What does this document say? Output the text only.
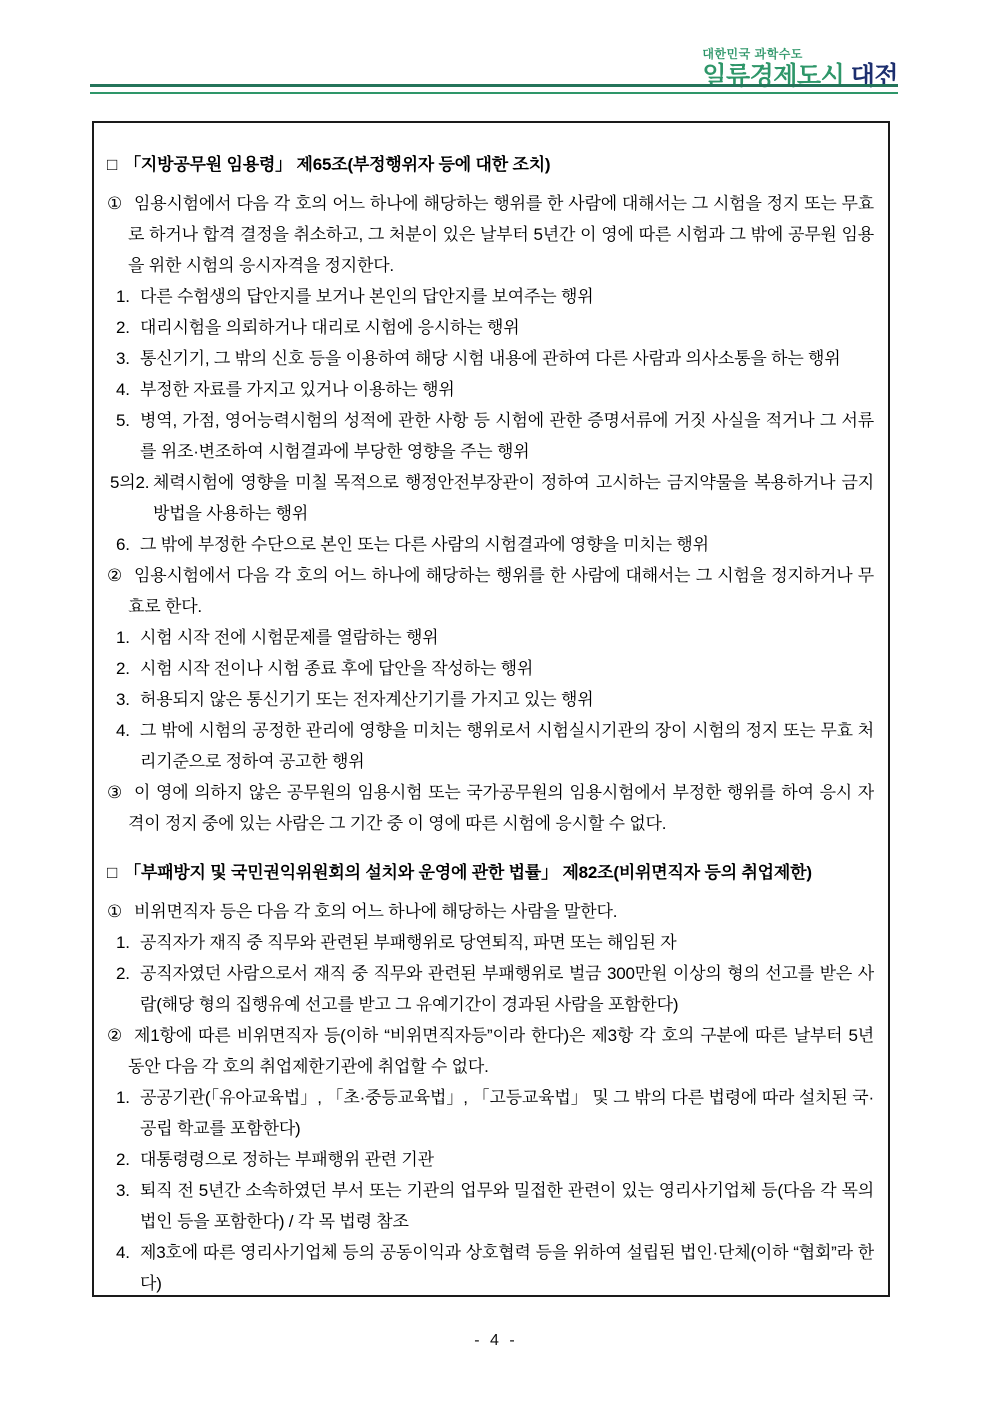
대한민국 과학수도
일류경제도시 대전
□ 「지방공무원 임용령」 제65조(부정행위자 등에 대한 조치)
① 임용시험에서 다음 각 호의 어느 하나에 해당하는 행위를 한 사람에 대해서는 그 시험을 정지 또는 무효로 하거나 합격 결정을 취소하고, 그 처분이 있은 날부터 5년간 이 영에 따른 시험과 그 밖에 공무원 임용을 위한 시험의 응시자격을 정지한다.
1. 다른 수험생의 답안지를 보거나 본인의 답안지를 보여주는 행위
2. 대리시험을 의뢰하거나 대리로 시험에 응시하는 행위
3. 통신기기, 그 밖의 신호 등을 이용하여 해당 시험 내용에 관하여 다른 사람과 의사소통을 하는 행위
4. 부정한 자료를 가지고 있거나 이용하는 행위
5. 병역, 가점, 영어능력시험의 성적에 관한 사항 등 시험에 관한 증명서류에 거짓 사실을 적거나 그 서류를 위조·변조하여 시험결과에 부당한 영향을 주는 행위
5의2. 체력시험에 영향을 미칠 목적으로 행정안전부장관이 정하여 고시하는 금지약물을 복용하거나 금지방법을 사용하는 행위
6. 그 밖에 부정한 수단으로 본인 또는 다른 사람의 시험결과에 영향을 미치는 행위
② 임용시험에서 다음 각 호의 어느 하나에 해당하는 행위를 한 사람에 대해서는 그 시험을 정지하거나 무효로 한다.
1. 시험 시작 전에 시험문제를 열람하는 행위
2. 시험 시작 전이나 시험 종료 후에 답안을 작성하는 행위
3. 허용되지 않은 통신기기 또는 전자계산기기를 가지고 있는 행위
4. 그 밖에 시험의 공정한 관리에 영향을 미치는 행위로서 시험실시기관의 장이 시험의 정지 또는 무효 처리기준으로 정하여 공고한 행위
③ 이 영에 의하지 않은 공무원의 임용시험 또는 국가공무원의 임용시험에서 부정한 행위를 하여 응시 자격이 정지 중에 있는 사람은 그 기간 중 이 영에 따른 시험에 응시할 수 없다.
□ 「부패방지 및 국민권익위원회의 설치와 운영에 관한 법률」 제82조(비위면직자 등의 취업제한)
① 비위면직자 등은 다음 각 호의 어느 하나에 해당하는 사람을 말한다.
1. 공직자가 재직 중 직무와 관련된 부패행위로 당연퇴직, 파면 또는 해임된 자
2. 공직자였던 사람으로서 재직 중 직무와 관련된 부패행위로 벌금 300만원 이상의 형의 선고를 받은 사람(해당 형의 집행유예 선고를 받고 그 유예기간이 경과된 사람을 포함한다)
② 제1항에 따른 비위면직자 등(이하 “비위면직자등”이라 한다)은 제3항 각 호의 구분에 따른 날부터 5년 동안 다음 각 호의 취업제한기관에 취업할 수 없다.
1. 공공기관(「유아교육법」, 「초·중등교육법」, 「고등교육법」 및 그 밖의 다른 법령에 따라 설치된 국·공립 학교를 포함한다)
2. 대통령령으로 정하는 부패행위 관련 기관
3. 퇴직 전 5년간 소속하였던 부서 또는 기관의 업무와 밀접한 관련이 있는 영리사기업체 등(다음 각 목의 법인 등을 포함한다) / 각 목 법령 참조
4. 제3호에 따른 영리사기업체 등의 공동이익과 상호협력 등을 위하여 설립된 법인·단체(이하 “협회”라 한다)
- 4 -
